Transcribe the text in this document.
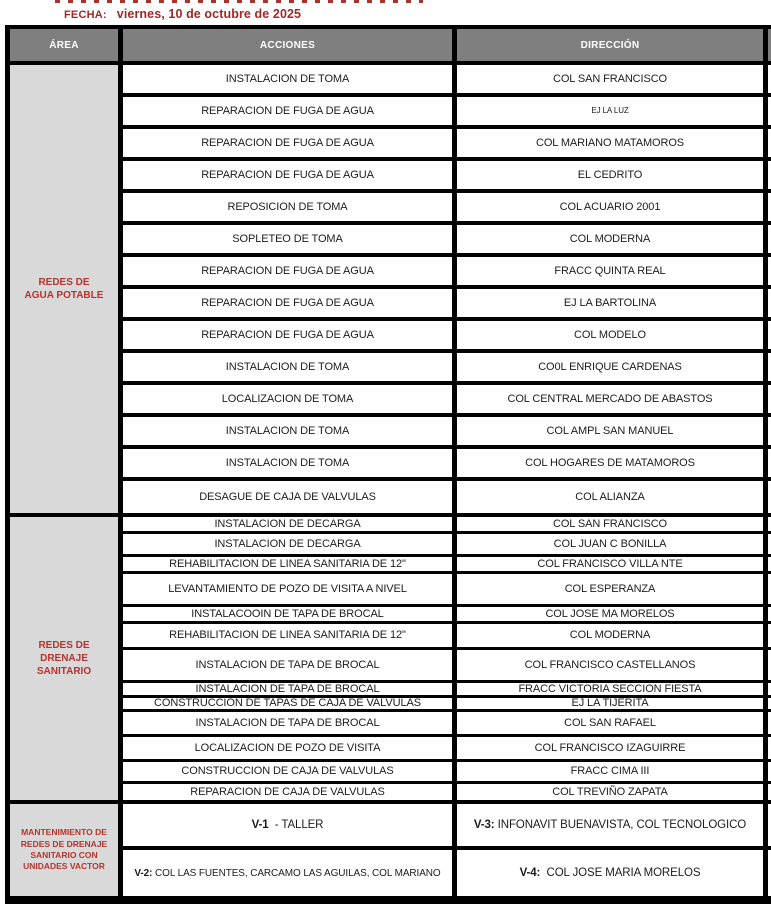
FECHA: viernes, 10 de octubre de 2025
ÁREA	ACCIONES	DIRECCIÓN
REDES DE AGUA POTABLE
INSTALACION DE TOMA	COL SAN FRANCISCO
REPARACION DE FUGA DE AGUA	EJ LA LUZ
REPARACION DE FUGA DE AGUA	COL MARIANO MATAMOROS
REPARACION DE FUGA DE AGUA	EL CEDRITO
REPOSICION DE TOMA	COL ACUARIO 2001
SOPLETEO DE TOMA	COL MODERNA
REPARACION DE FUGA DE AGUA	FRACC QUINTA REAL
REPARACION DE FUGA DE AGUA	EJ LA BARTOLINA
REPARACION DE FUGA DE AGUA	COL MODELO
INSTALACION DE TOMA	CO0L ENRIQUE CARDENAS
LOCALIZACION DE TOMA	COL CENTRAL MERCADO DE ABASTOS
INSTALACION DE TOMA	COL AMPL SAN MANUEL
INSTALACION DE TOMA	COL HOGARES DE MATAMOROS
DESAGUE DE CAJA DE VALVULAS	COL ALIANZA
REDES DE DRENAJE SANITARIO
INSTALACION DE DECARGA	COL SAN FRANCISCO
INSTALACION DE DECARGA	COL JUAN C BONILLA
REHABILITACION DE LINEA SANITARIA DE 12"	COL FRANCISCO VILLA NTE
LEVANTAMIENTO DE POZO DE VISITA A NIVEL	COL ESPERANZA
INSTALACOOIN DE TAPA DE BROCAL	COL JOSE MA MORELOS
REHABILITACION DE LINEA SANITARIA DE 12"	COL MODERNA
INSTALACION DE TAPA DE BROCAL	COL FRANCISCO CASTELLANOS
INSTALACION DE TAPA DE BROCAL	FRACC VICTORIA SECCION FIESTA
CONSTRUCCION DE TAPAS DE CAJA DE VALVULAS	EJ LA TIJERITA
INSTALACION DE TAPA DE BROCAL	COL SAN RAFAEL
LOCALIZACION DE POZO DE VISITA	COL FRANCISCO IZAGUIRRE
CONSTRUCCION DE CAJA DE VALVULAS	FRACC CIMA III
REPARACION DE CAJA DE VALVULAS	COL TREVIÑO ZAPATA
MANTENIMIENTO DE REDES DE DRENAJE SANITARIO CON UNIDADES VACTOR
V-1 - TALLER	V-3: INFONAVIT BUENAVISTA, COL TECNOLOGICO
V-2: COL LAS FUENTES, CARCAMO LAS AGUILAS, COL MARIANO	V-4: COL JOSE MARIA MORELOS
